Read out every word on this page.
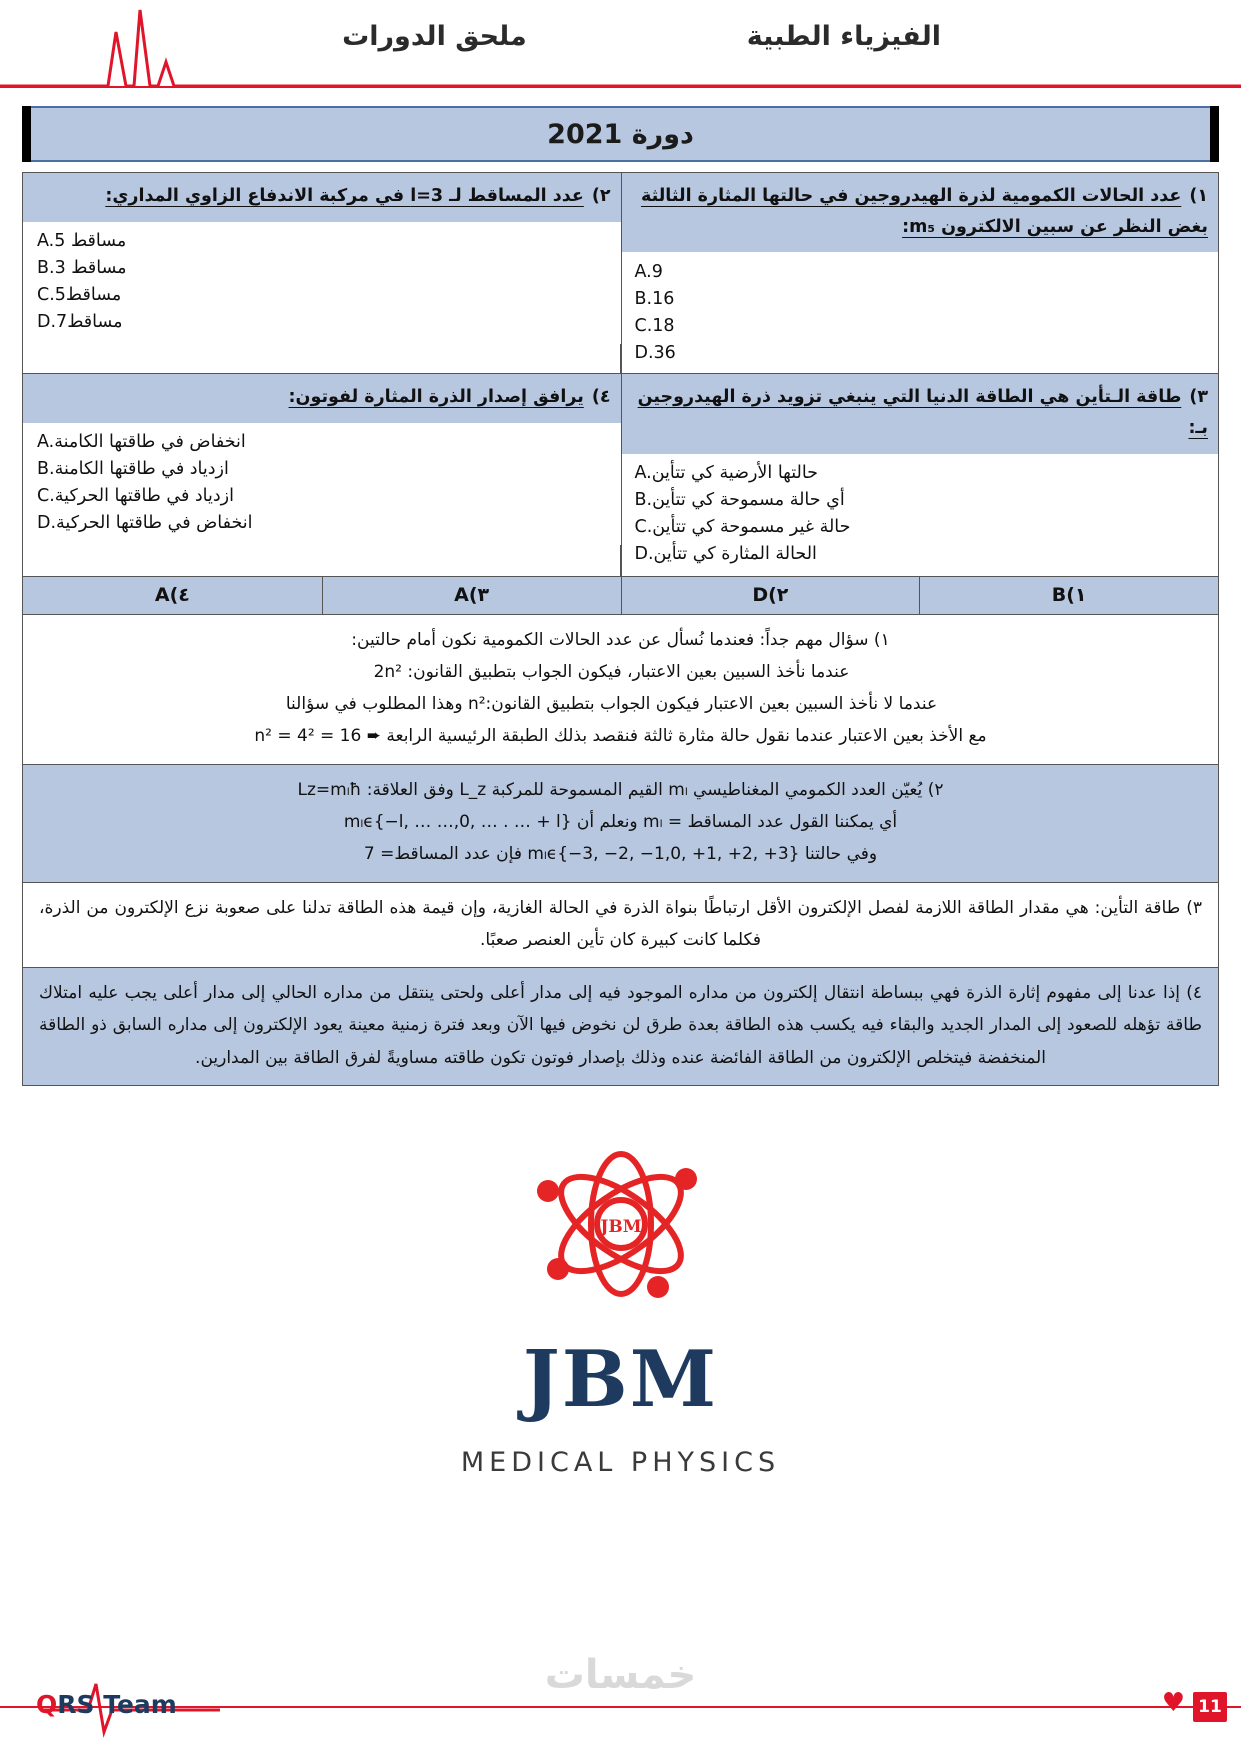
الفيزياء الطبية
ملحق الدورات
دورة 2021
١)عدد الحالات الكمومية لذرة الهيدروجين في حالتها المثارة الثالثة بغض النظر عن سبين الالكترون m₅:
A.9
B.16
C.18
D.36
٢)عدد المساقط لـ l=3 في مركبة الاندفاع الزاوي المداري:
A.5 مساقط
B.3 مساقط
C.5مساقط
D.7مساقط
٣)طاقة الـتأين هي الطاقة الدنيا التي ينبغي تزويد ذرة الهيدروجين بـ:
A.حالتها الأرضية كي تتأين
B.أي حالة مسموحة كي تتأين
C.حالة غير مسموحة كي تتأين
D.الحالة المثارة كي تتأين
٤)يرافق إصدار الذرة المثارة لفوتون:
A.انخفاض في طاقتها الكامنة
B.ازدياد في طاقتها الكامنة
C.ازدياد في طاقتها الحركية
D.انخفاض في طاقتها الحركية
١)B
٢)D
٣)A
٤)A

١) سؤال مهم جداً: فعندما نُسأل عن عدد الحالات الكمومية نكون أمام حالتين:

عندما نأخذ السبين بعين الاعتبار، فيكون الجواب بتطبيق القانون: 2n²

عندما لا نأخذ السبين بعين الاعتبار فيكون الجواب بتطبيق القانون:n² وهذا المطلوب في سؤالنا

مع الأخذ بعين الاعتبار عندما نقول حالة مثارة ثالثة فنقصد بذلك الطبقة الرئيسية الرابعة ➨ n² = 4² = 16

٢) يُعيّن العدد الكمومي المغناطيسي mₗ القيم المسموحة للمركبة L_z وفق العلاقة: Lz=mₗħ

أي يمكننا القول عدد المساقط = mₗ ونعلم أن mₗϵ{−l, … …,0, … . … + l}

وفي حالتنا mₗϵ{−3, −2, −1,0, +1, +2, +3} فإن عدد المساقط= 7

٣) طاقة التأين: هي مقدار الطاقة اللازمة لفصل الإلكترون الأقل ارتباطًا بنواة الذرة في الحالة الغازية، وإن قيمة هذه الطاقة تدلنا على صعوبة نزع الإلكترون من الذرة، فكلما كانت كبيرة كان تأين العنصر صعبًا.

٤) إذا عدنا إلى مفهوم إثارة الذرة فهي ببساطة انتقال إلكترون من مداره الموجود فيه إلى مدار أعلى ولحتى ينتقل من مداره الحالي إلى مدار أعلى يجب عليه امتلاك طاقة تؤهله للصعود إلى المدار الجديد والبقاء فيه يكسب هذه الطاقة بعدة طرق لن نخوض فيها الآن وبعد فترة زمنية معينة يعود الإلكترون إلى مداره السابق ذو الطاقة المنخفضة فيتخلص الإلكترون من الطاقة الفائضة عنده وذلك بإصدار فوتون تكون طاقته مساويةً لفرق الطاقة بين المدارين.

JBM
JBM
MEDICAL PHYSICS
خمسات
♥ 11
QRS Team
